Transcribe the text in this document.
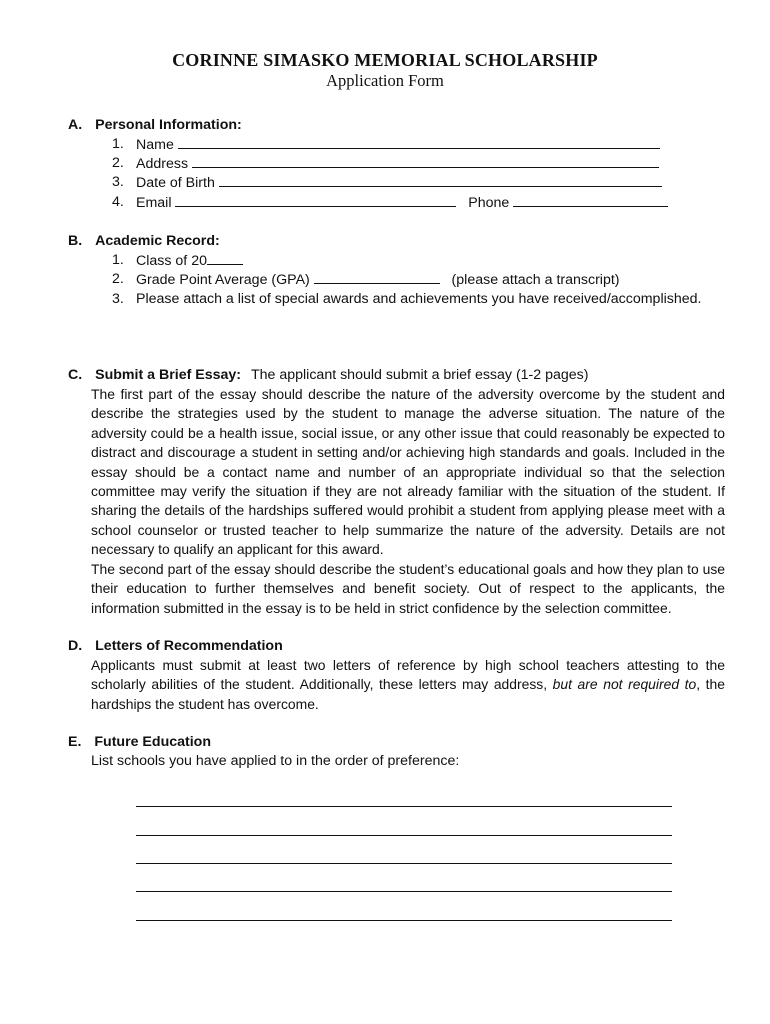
CORINNE SIMASKO MEMORIAL SCHOLARSHIP
Application Form
A. Personal Information:
1. Name
2. Address
3. Date of Birth
4. Email	Phone
B. Academic Record:
1. Class of 20
2. Grade Point Average (GPA)	(please attach a transcript)
3. Please attach a list of special awards and achievements you have received/accomplished.
C. Submit a Brief Essay: The applicant should submit a brief essay (1-2 pages)

The first part of the essay should describe the nature of the adversity overcome by the student and describe the strategies used by the student to manage the adverse situation. The nature of the adversity could be a health issue, social issue, or any other issue that could reasonably be expected to distract and discourage a student in setting and/or achieving high standards and goals. Included in the essay should be a contact name and number of an appropriate individual so that the selection committee may verify the situation if they are not already familiar with the situation of the student. If sharing the details of the hardships suffered would prohibit a student from applying please meet with a school counselor or trusted teacher to help summarize the nature of the adversity. Details are not necessary to qualify an applicant for this award.

The second part of the essay should describe the student’s educational goals and how they plan to use their education to further themselves and benefit society. Out of respect to the applicants, the information submitted in the essay is to be held in strict confidence by the selection committee.

D. Letters of Recommendation

Applicants must submit at least two letters of reference by high school teachers attesting to the scholarly abilities of the student. Additionally, these letters may address, but are not required to, the hardships the student has overcome.

E. Future Education
List schools you have applied to in the order of preference:
